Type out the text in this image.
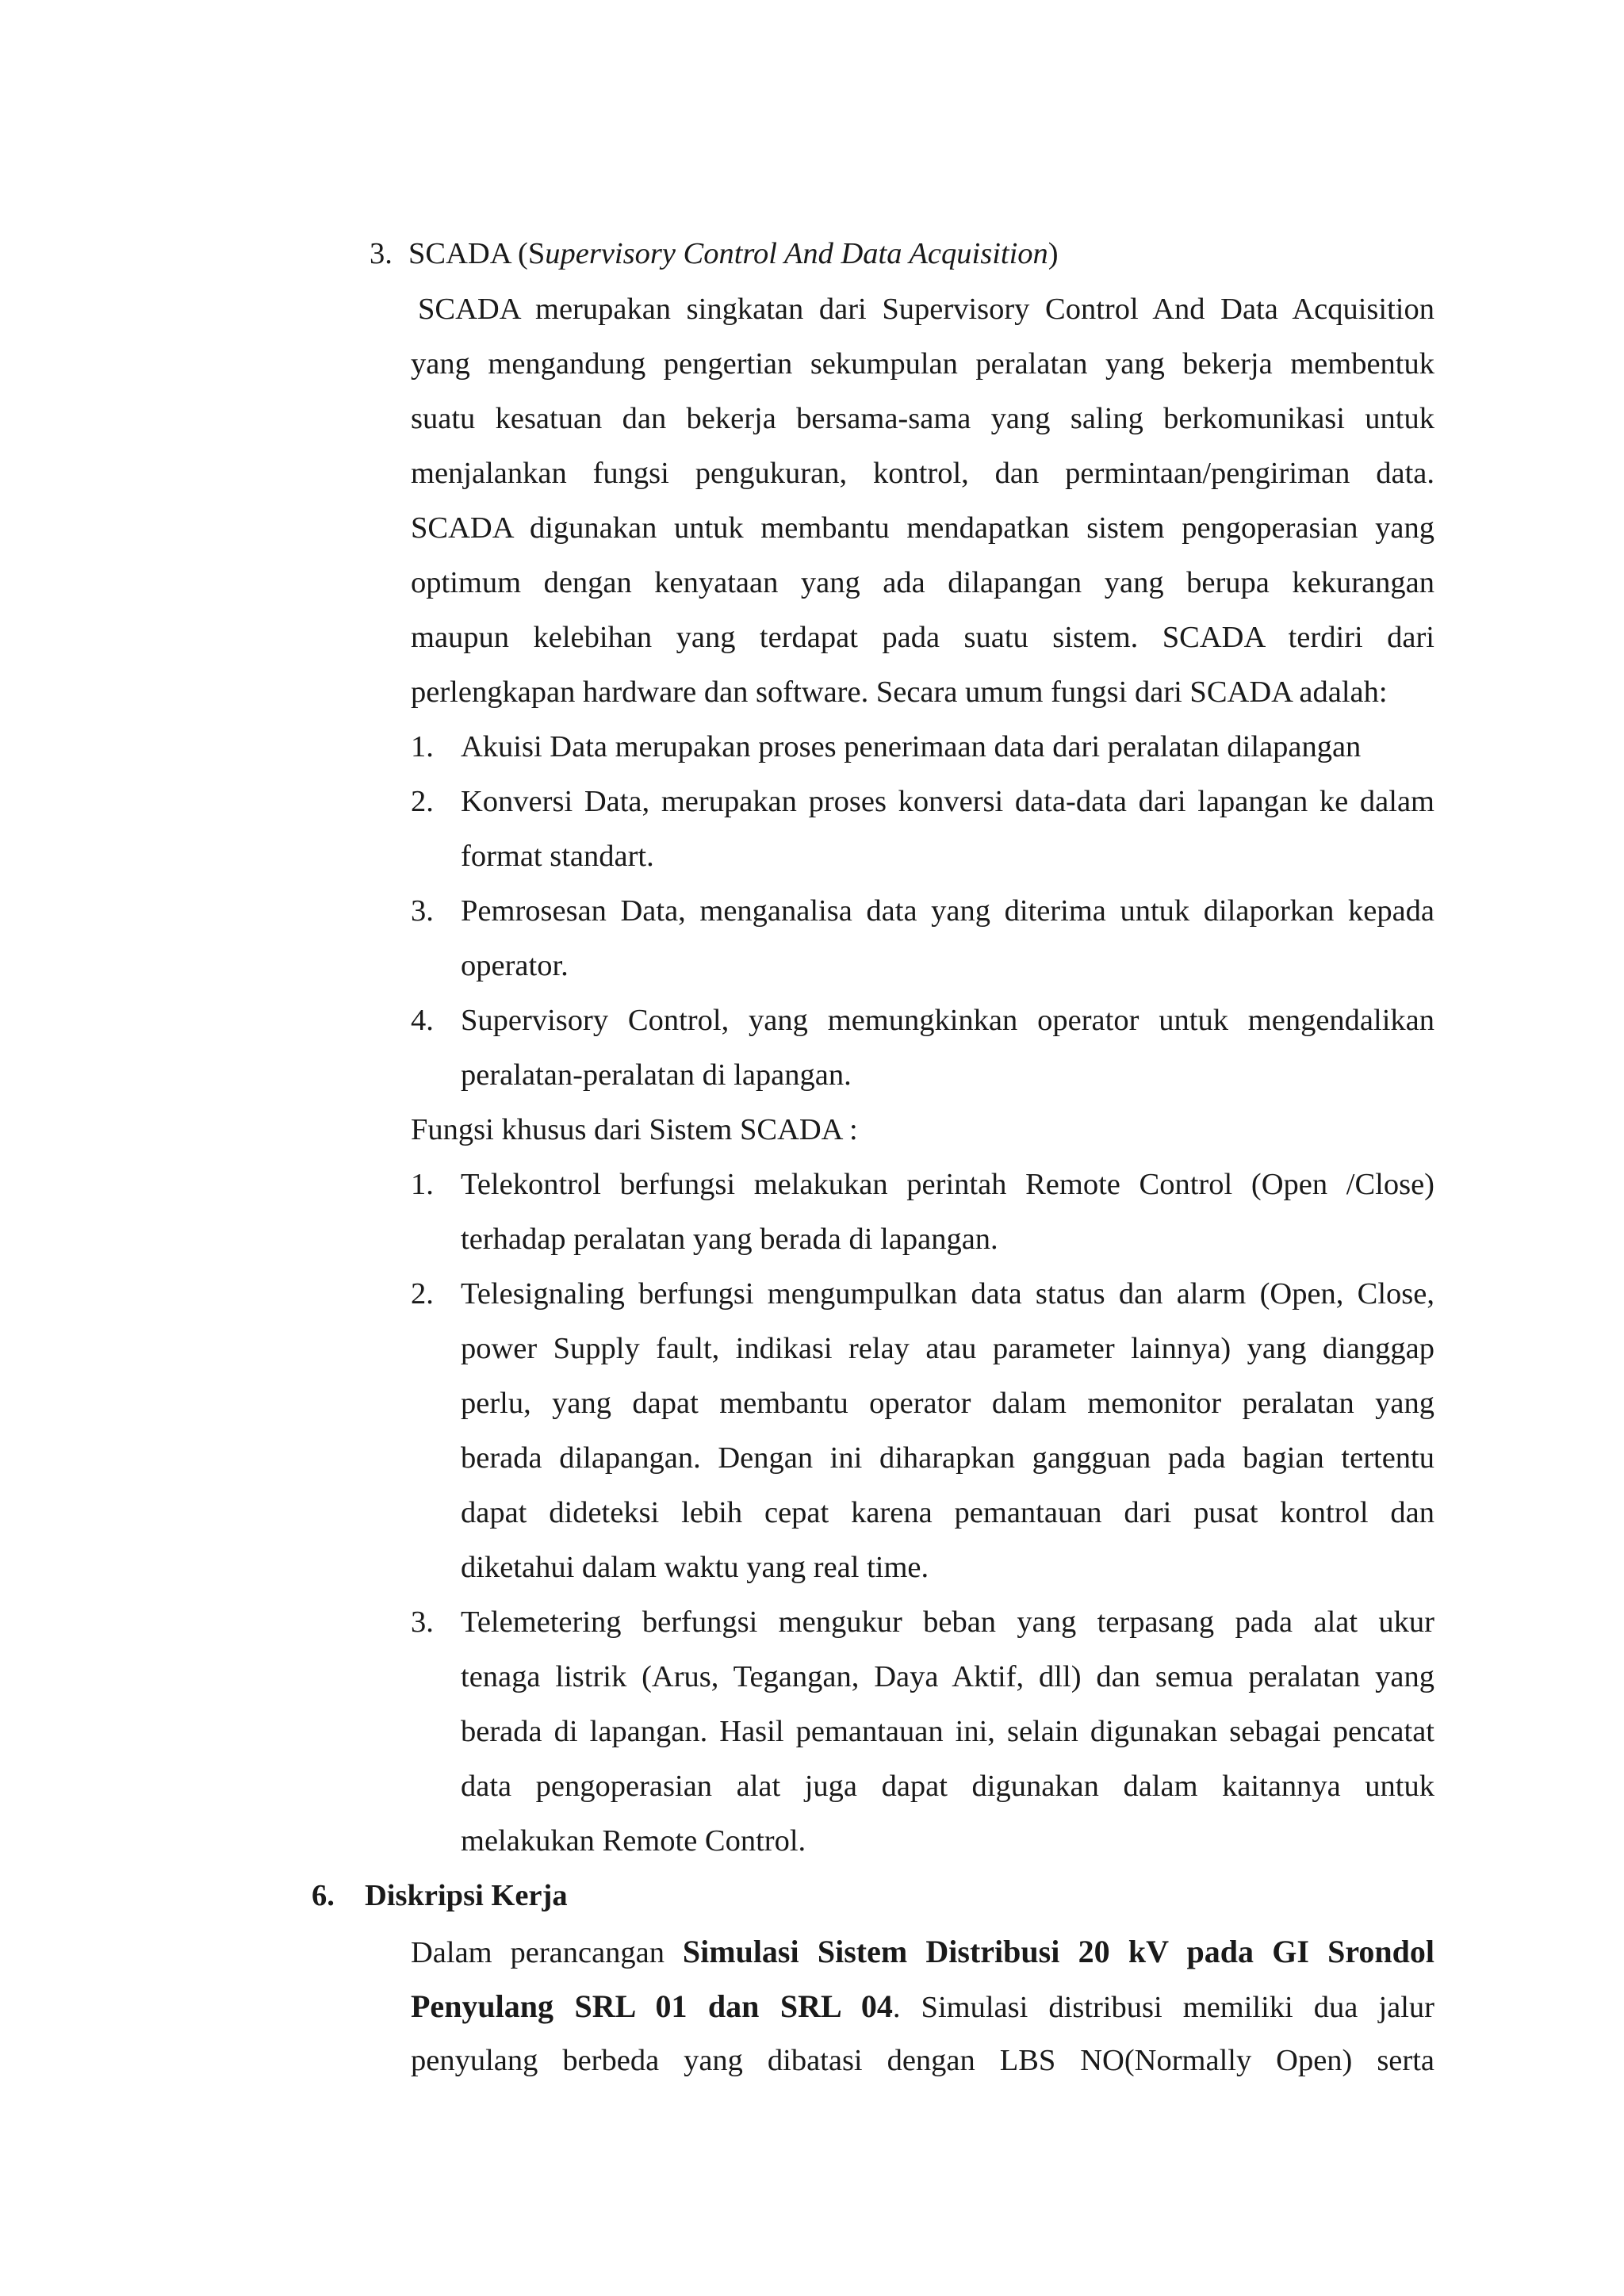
3. SCADA (Supervisory Control And Data Acquisition)
SCADA merupakan singkatan dari Supervisory Control And Data Acquisition
yang mengandung pengertian sekumpulan peralatan yang bekerja membentuk
suatu kesatuan dan bekerja bersama-sama yang saling berkomunikasi untuk
menjalankan fungsi pengukuran, kontrol, dan permintaan/pengiriman data.
SCADA digunakan untuk membantu mendapatkan sistem pengoperasian yang
optimum dengan kenyataan yang ada dilapangan yang berupa kekurangan
maupun kelebihan yang terdapat pada suatu sistem. SCADA terdiri dari
perlengkapan hardware dan software. Secara umum fungsi dari SCADA adalah:
1. Akuisi Data merupakan proses penerimaan data dari peralatan dilapangan
2. Konversi Data, merupakan proses konversi data-data dari lapangan ke dalam
format standart.
3. Pemrosesan Data, menganalisa data yang diterima untuk dilaporkan kepada
operator.
4. Supervisory Control, yang memungkinkan operator untuk mengendalikan
peralatan-peralatan di lapangan.
Fungsi khusus dari Sistem SCADA :
1. Telekontrol berfungsi melakukan perintah Remote Control (Open /Close)
terhadap peralatan yang berada di lapangan.
2. Telesignaling berfungsi mengumpulkan data status dan alarm (Open, Close,
power Supply fault, indikasi relay atau parameter lainnya) yang dianggap
perlu, yang dapat membantu operator dalam memonitor peralatan yang
berada dilapangan. Dengan ini diharapkan gangguan pada bagian tertentu
dapat dideteksi lebih cepat karena pemantauan dari pusat kontrol dan
diketahui dalam waktu yang real time.
3. Telemetering berfungsi mengukur beban yang terpasang pada alat ukur
tenaga listrik (Arus, Tegangan, Daya Aktif, dll) dan semua peralatan yang
berada di lapangan. Hasil pemantauan ini, selain digunakan sebagai pencatat
data pengoperasian alat juga dapat digunakan dalam kaitannya untuk
melakukan Remote Control.
6. Diskripsi Kerja
Dalam perancangan Simulasi Sistem Distribusi 20 kV pada GI Srondol
Penyulang SRL 01 dan SRL 04. Simulasi distribusi memiliki dua jalur
penyulang berbeda yang dibatasi dengan LBS NO(Normally Open) serta
